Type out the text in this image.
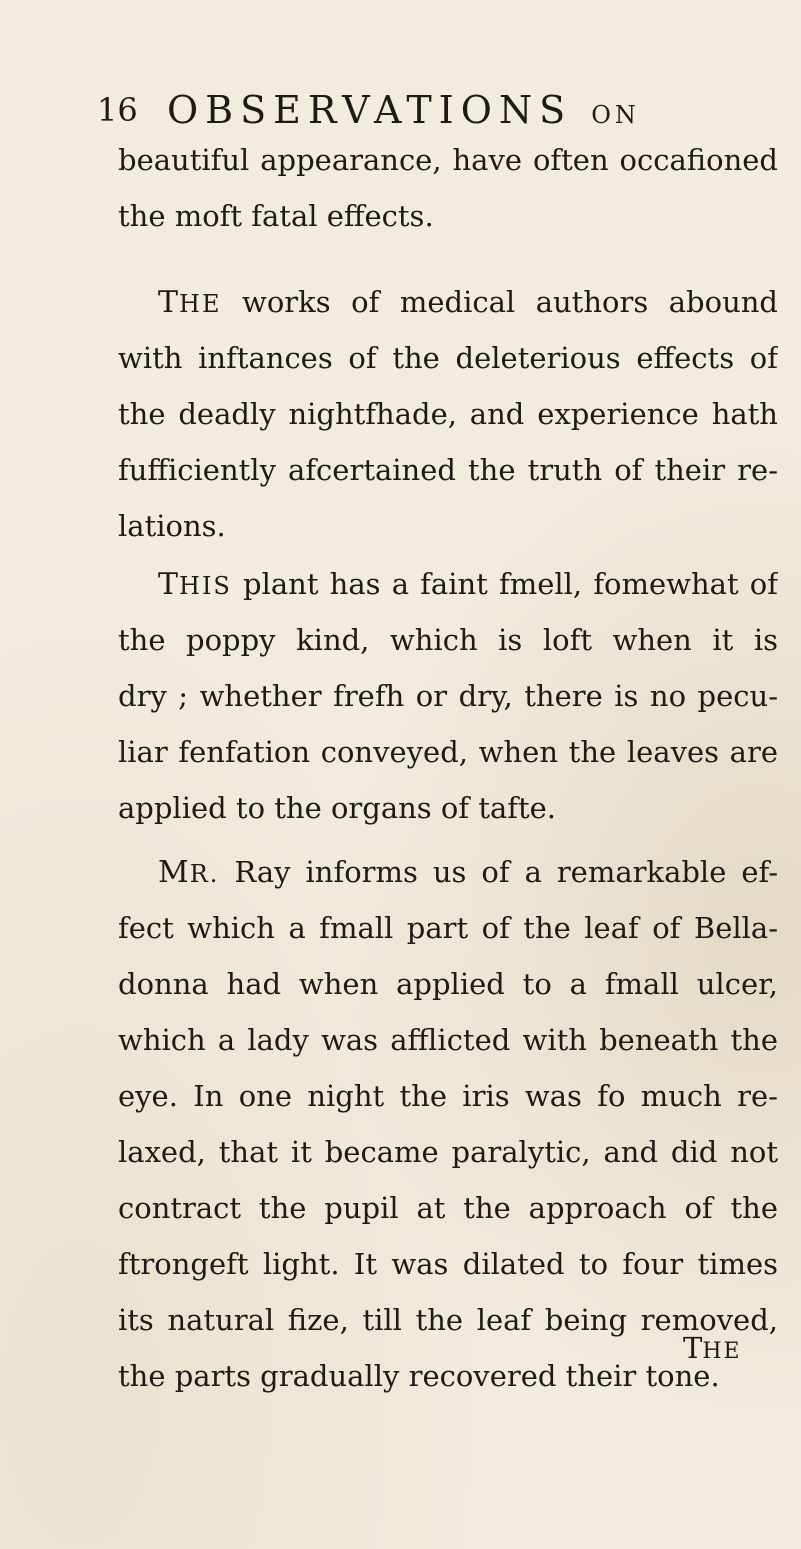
16 OBSERVATIONS ON
beautiful appearance, have often occafioned
the moft fatal effects.
THE works of medical authors abound
with inftances of the deleterious effects of
the deadly nightfhade, and experience hath
fufficiently afcertained the truth of their re-
lations.
THIS plant has a faint fmell, fomewhat of
the poppy kind, which is loft when it is
dry ; whether frefh or dry, there is no pecu-
liar fenfation conveyed, when the leaves are
applied to the organs of tafte.
MR. Ray informs us of a remarkable ef-
fect which a fmall part of the leaf of Bella-
donna had when applied to a fmall ulcer,
which a lady was afflicted with beneath the
eye. In one night the iris was fo much re-
laxed, that it became paralytic, and did not
contract the pupil at the approach of the
ftrongeft light. It was dilated to four times
its natural fize, till the leaf being removed,
the parts gradually recovered their tone.
THE
